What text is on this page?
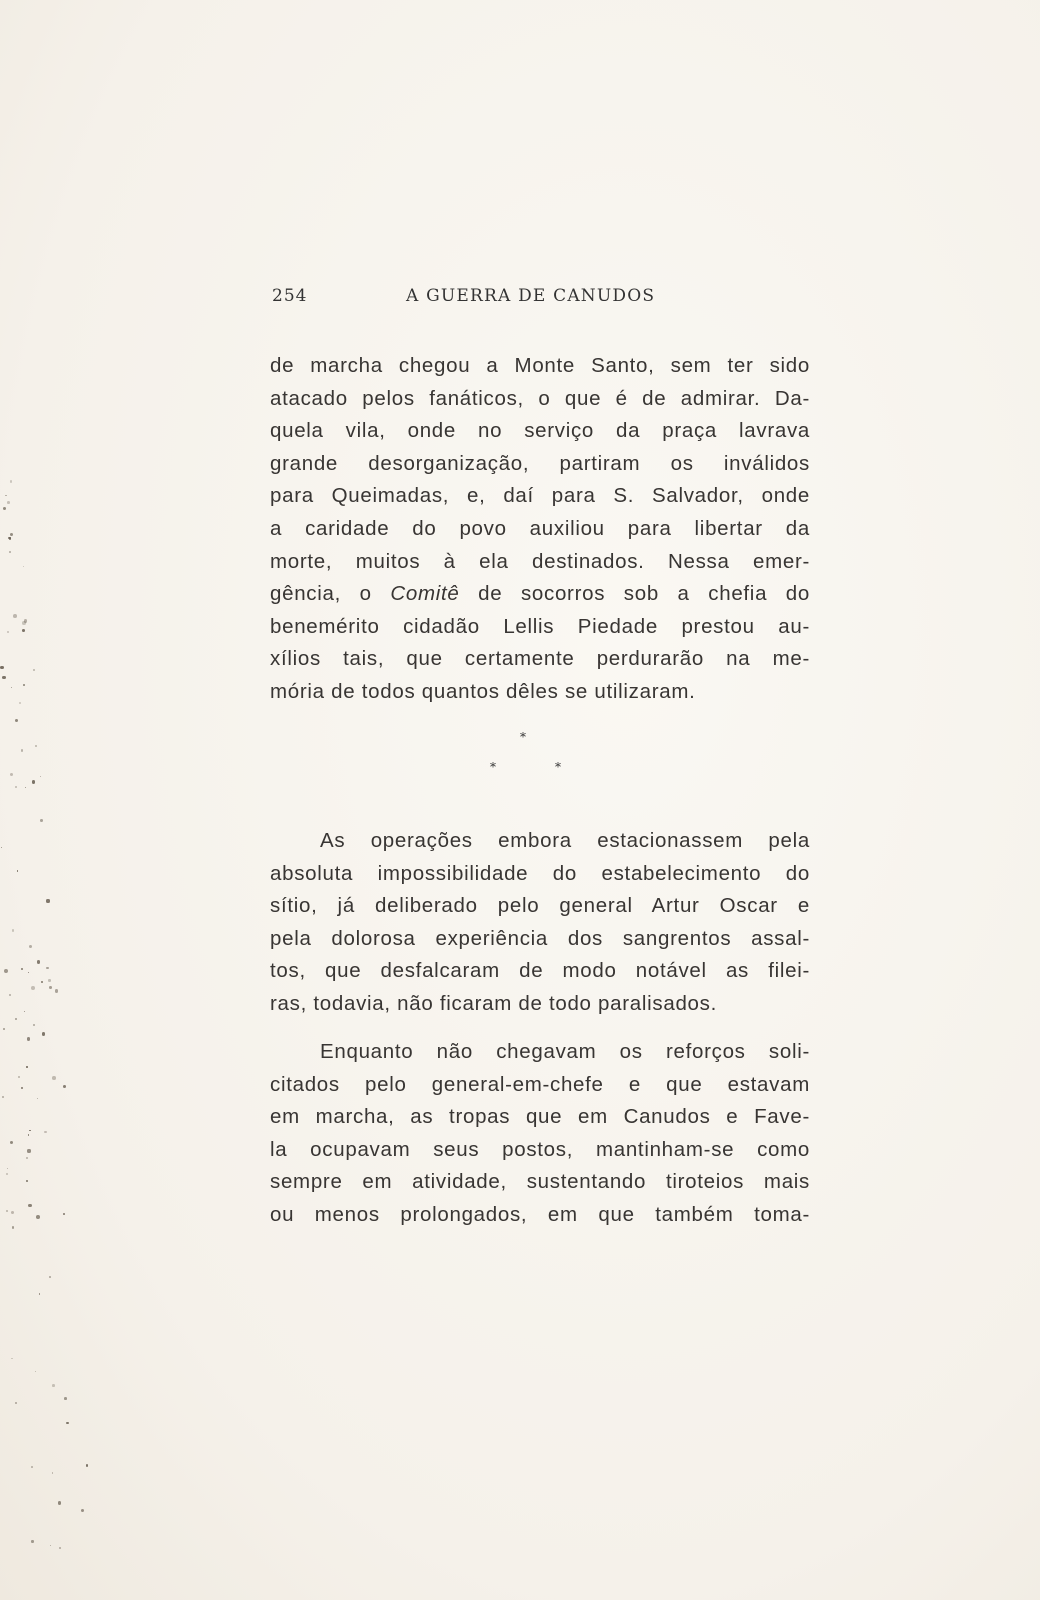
254	A GUERRA DE CANUDOS
de marcha chegou a Monte Santo, sem ter sido
atacado pelos fanáticos, o que é de admirar. Da-
quela vila, onde no serviço da praça lavrava
grande desorganização, partiram os inválidos
para Queimadas, e, daí para S. Salvador, onde
a caridade do povo auxiliou para libertar da
morte, muitos à ela destinados. Nessa emer-
gência, o Comitê de socorros sob a chefia do
benemérito cidadão Lellis Piedade prestou au-
xílios tais, que certamente perdurarão na me-
mória de todos quantos dêles se utilizaram.
*
*	*
As operações embora estacionassem pela
absoluta impossibilidade do estabelecimento do
sítio, já deliberado pelo general Artur Oscar e
pela dolorosa experiência dos sangrentos assal-
tos, que desfalcaram de modo notável as filei-
ras, todavia, não ficaram de todo paralisados.
Enquanto não chegavam os reforços soli-
citados pelo general-em-chefe e que estavam
em marcha, as tropas que em Canudos e Fave-
la ocupavam seus postos, mantinham-se como
sempre em atividade, sustentando tiroteios mais
ou menos prolongados, em que também toma-
